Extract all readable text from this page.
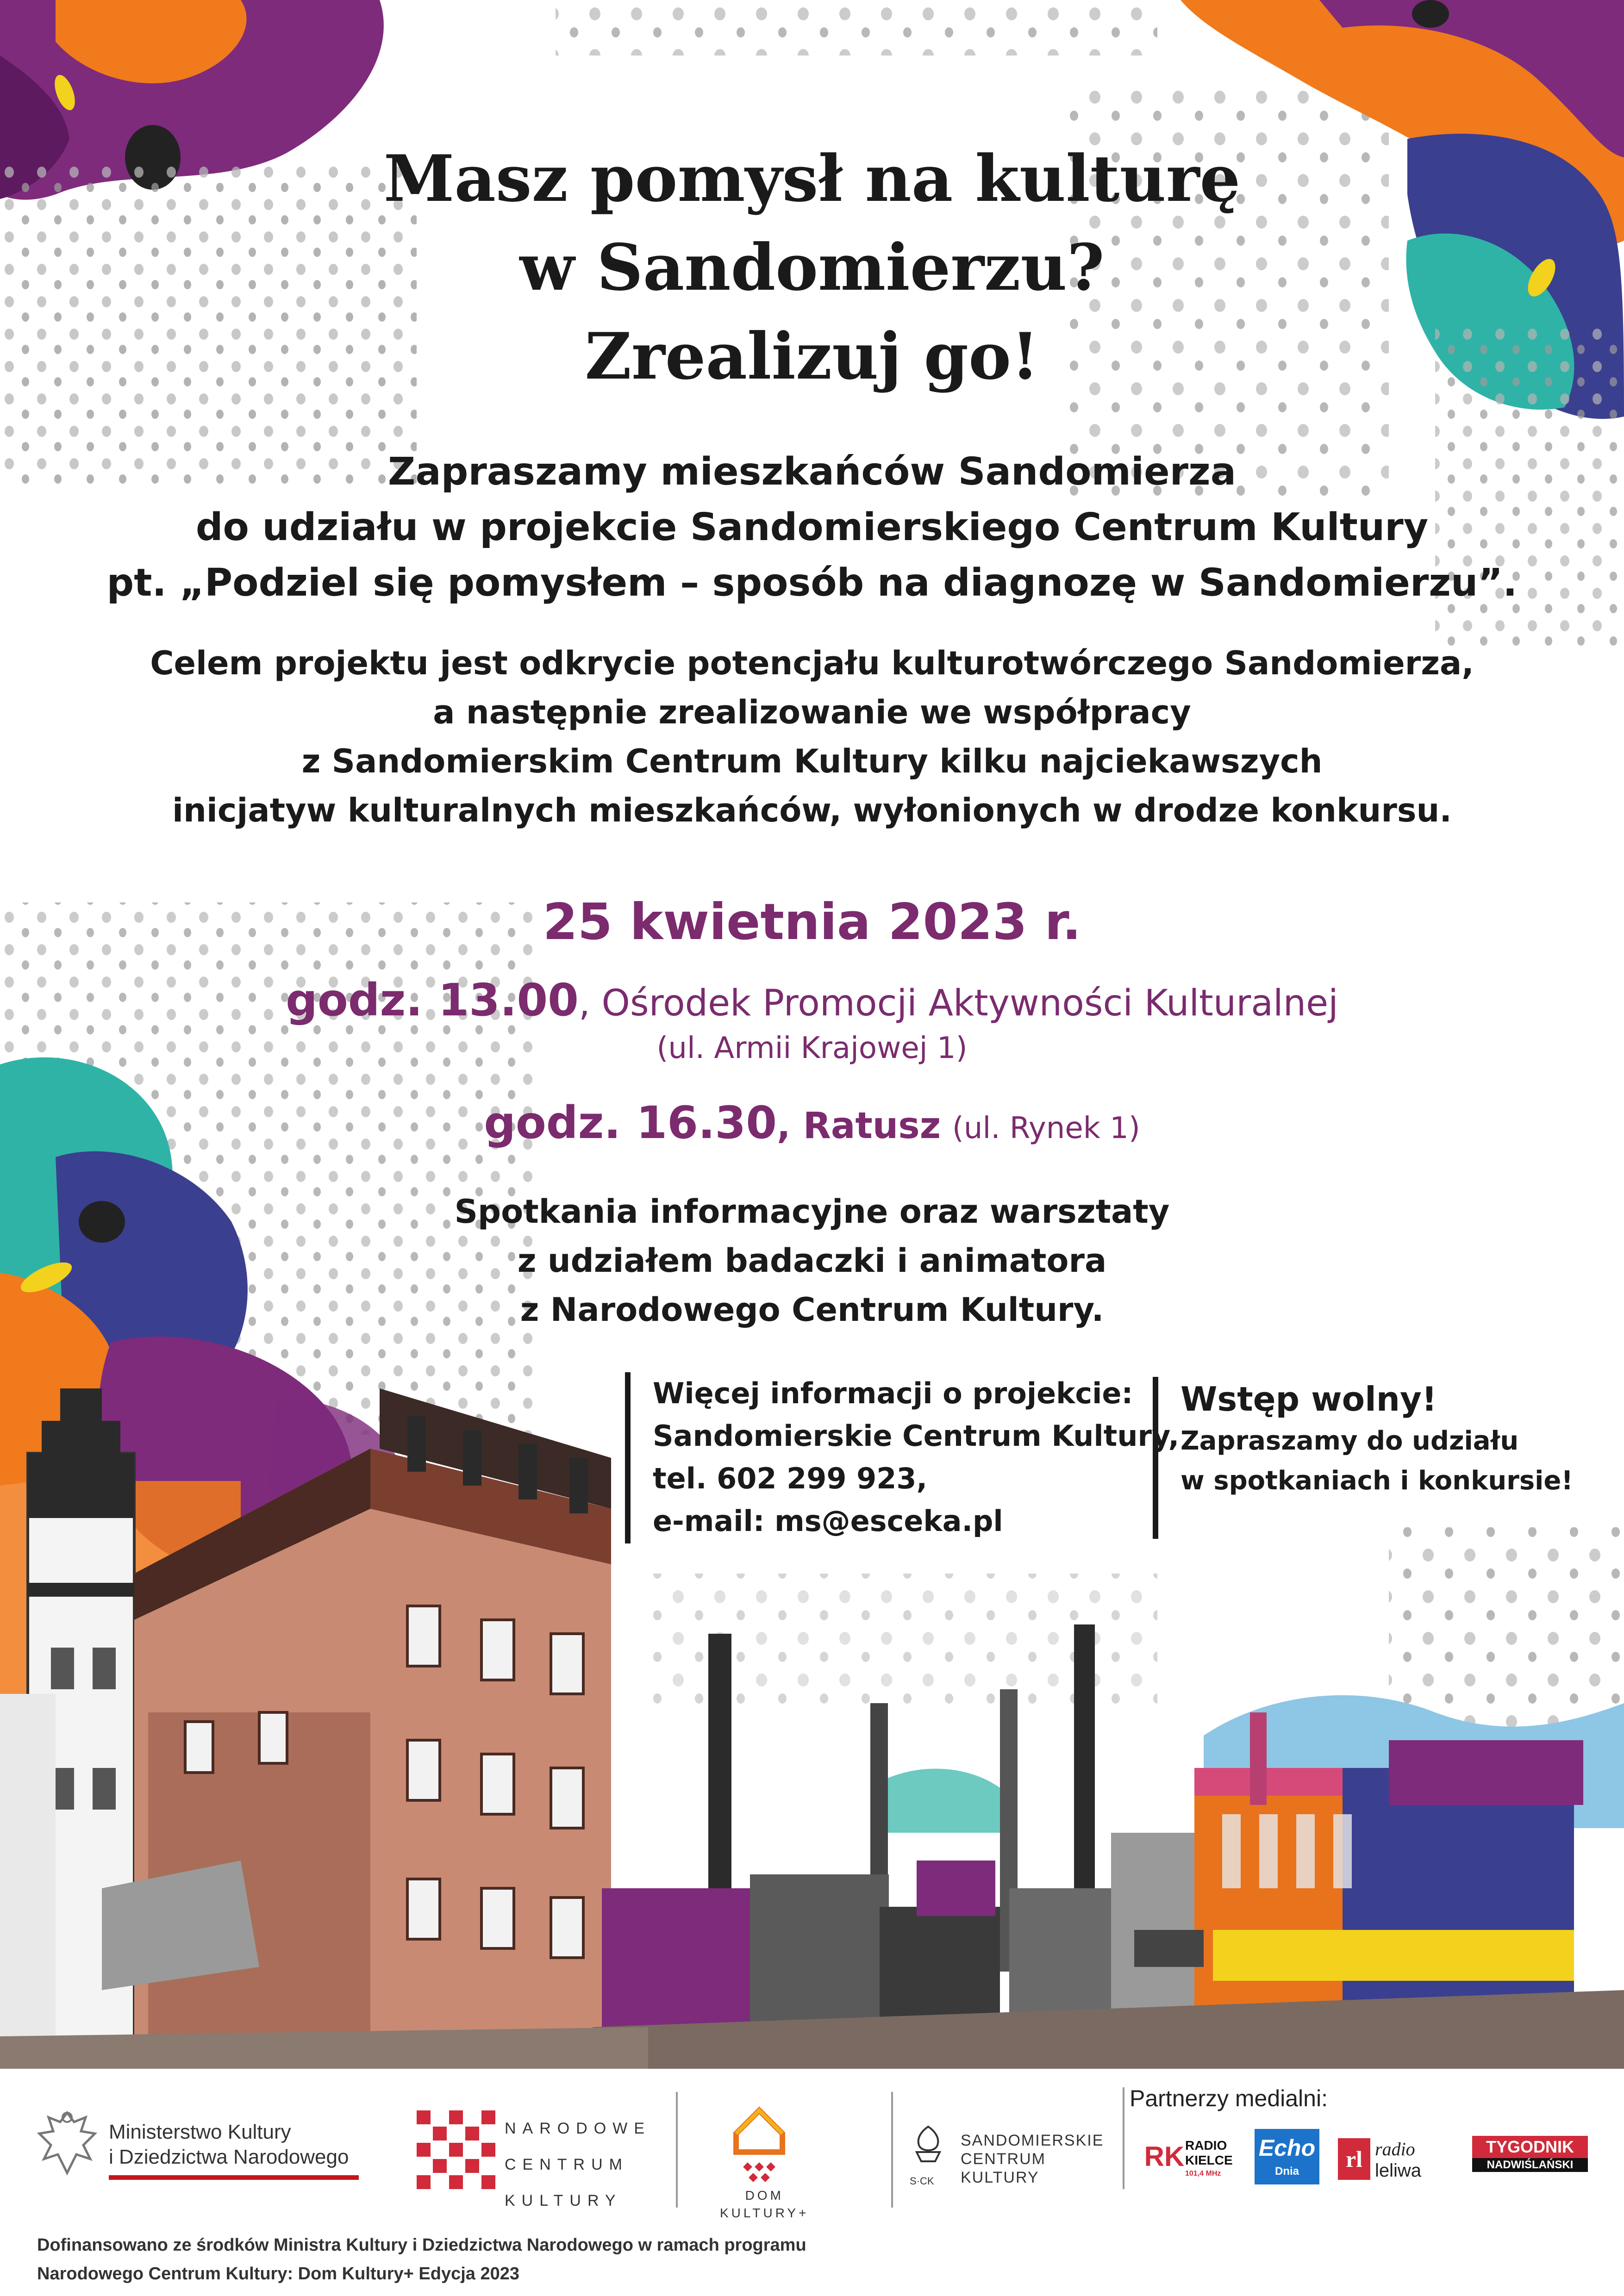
Masz pomysł na kulturę
w Sandomierzu?
Zrealizuj go!
Zapraszamy mieszkańców Sandomierza
do udziału w projekcie Sandomierskiego Centrum Kultury
pt. „Podziel się pomysłem – sposób na diagnozę w Sandomierzu”.
Celem projektu jest odkrycie potencjału kulturotwórczego Sandomierza,
a następnie zrealizowanie we współpracy
z Sandomierskim Centrum Kultury kilku najciekawszych
inicjatyw kulturalnych mieszkańców, wyłonionych w drodze konkursu.
25 kwietnia 2023 r.
godz. 13.00, Ośrodek Promocji Aktywności Kulturalnej
(ul. Armii Krajowej 1)
godz. 16.30, Ratusz (ul. Rynek 1)
Spotkania informacyjne oraz warsztaty
z udziałem badaczki i animatora
z Narodowego Centrum Kultury.
Więcej informacji o projekcie:
Sandomierskie Centrum Kultury,
tel. 602 299 923,
e-mail: ms@esceka.pl
Wstęp wolny!
Zapraszamy do udziału
w spotkaniach i konkursie!
Ministerstwo Kultury
i Dziedzictwa Narodowego
NARODOWE
CENTRUM
KULTURY	DOM
KULTURY+
S·CK
SANDOMIERSKIE
CENTRUM
KULTURY
Partnerzy medialni:
RK RADIO KIELCE
101,4 MHz
Echo
Dnia	rl radio
leliwa
TYGODNIK
NADWIŚLAŃSKI
Dofinansowano ze środków Ministra Kultury i Dziedzictwa Narodowego w ramach programu
Narodowego Centrum Kultury: Dom Kultury+ Edycja 2023
